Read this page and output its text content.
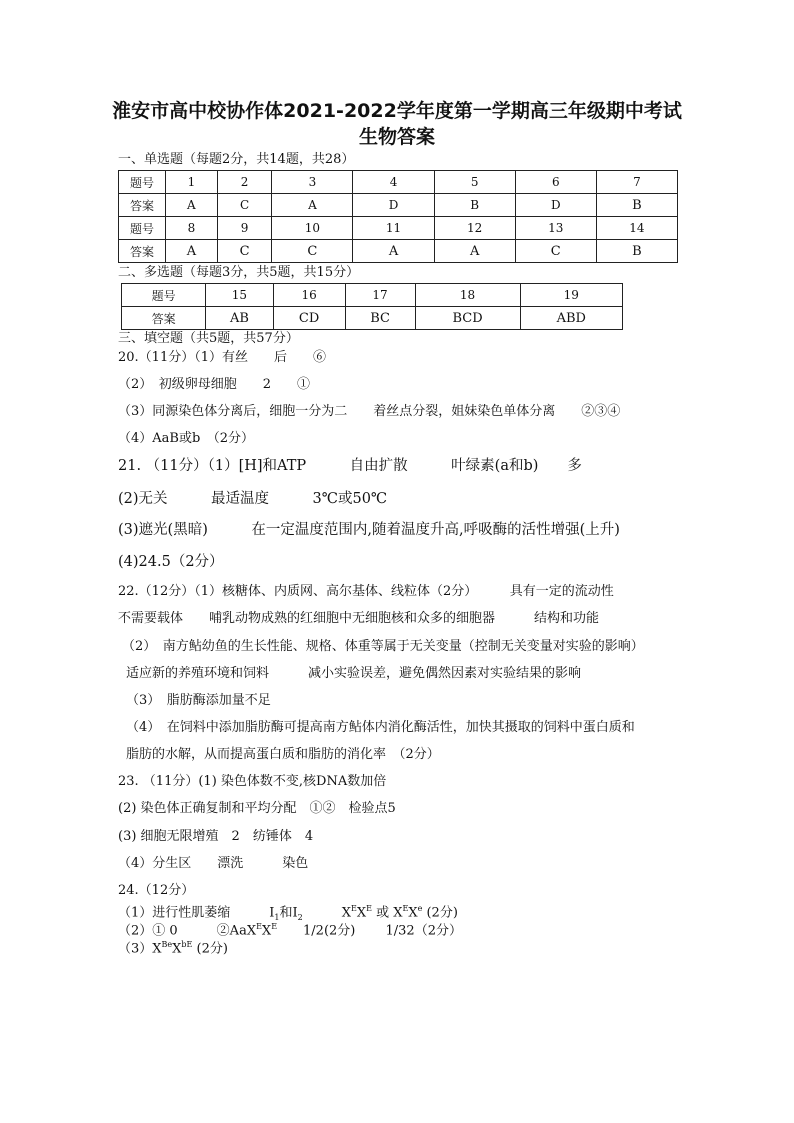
淮安市高中校协作体2021-2022学年度第一学期高三年级期中考试
生物答案
一、单选题（每题2分，共14题，共28）
题号	1	2	3	4	5	6	7
答案	A	C	A	D	B	D	B
题号	8	9	10	11	12	13	14
答案	A	C	C	A	A	C	B
二、多选题（每题3分，共5题，共15分）
题号	15	16	17	18	19
答案	AB	CD	BC	BCD	ABD
三、填空题（共5题，共57分）
20.（11分）（1）有丝　　后　　⑥
（2）　初级卵母细胞　　2　　①
（3）同源染色体分离后，细胞一分为二　　着丝点分裂，姐妹染色单体分离　　②③④
（4）AaB或b　（2分）
21. （11分）（1）[H]和ATP　　　自由扩散　　　叶绿素(a和b)　　多
(2)无关　　　最适温度　　　3℃或50℃
(3)遮光(黑暗)　　　在一定温度范围内,随着温度升高,呼吸酶的活性增强(上升)
(4)24.5（2分）
22.（12分）（1）核糖体、内质网、高尔基体、线粒体（2分）　　　具有一定的流动性
不需要载体　　哺乳动物成熟的红细胞中无细胞核和众多的细胞器　　　结构和功能
（2）　南方鲇幼鱼的生长性能、规格、体重等属于无关变量（控制无关变量对实验的影响）
适应新的养殖环境和饲料　　　减小实验误差，避免偶然因素对实验结果的影响
（3）　脂肪酶添加量不足
（4）　在饲料中添加脂肪酶可提高南方鲇体内消化酶活性，加快其摄取的饲料中蛋白质和
脂肪的水解，从而提高蛋白质和脂肪的消化率　（2分）
23. （11分）(1) 染色体数不变,核DNA数加倍
(2) 染色体正确复制和平均分配　①②　检验点5
(3) 细胞无限增殖　2　纺锤体　4
（4）分生区　　漂洗　　　染色
24.（12分）
（1）进行性肌萎缩　　　$I_1$和$I_2$　　　$X^EX^E$ 或 $X^EXe$ (2分)
（2）① 0　　　$②AaX^EX^E$　　1/2(2分)　　 1/32（2分）
$(3)X^{Be}X^{bE}$ (2分)
